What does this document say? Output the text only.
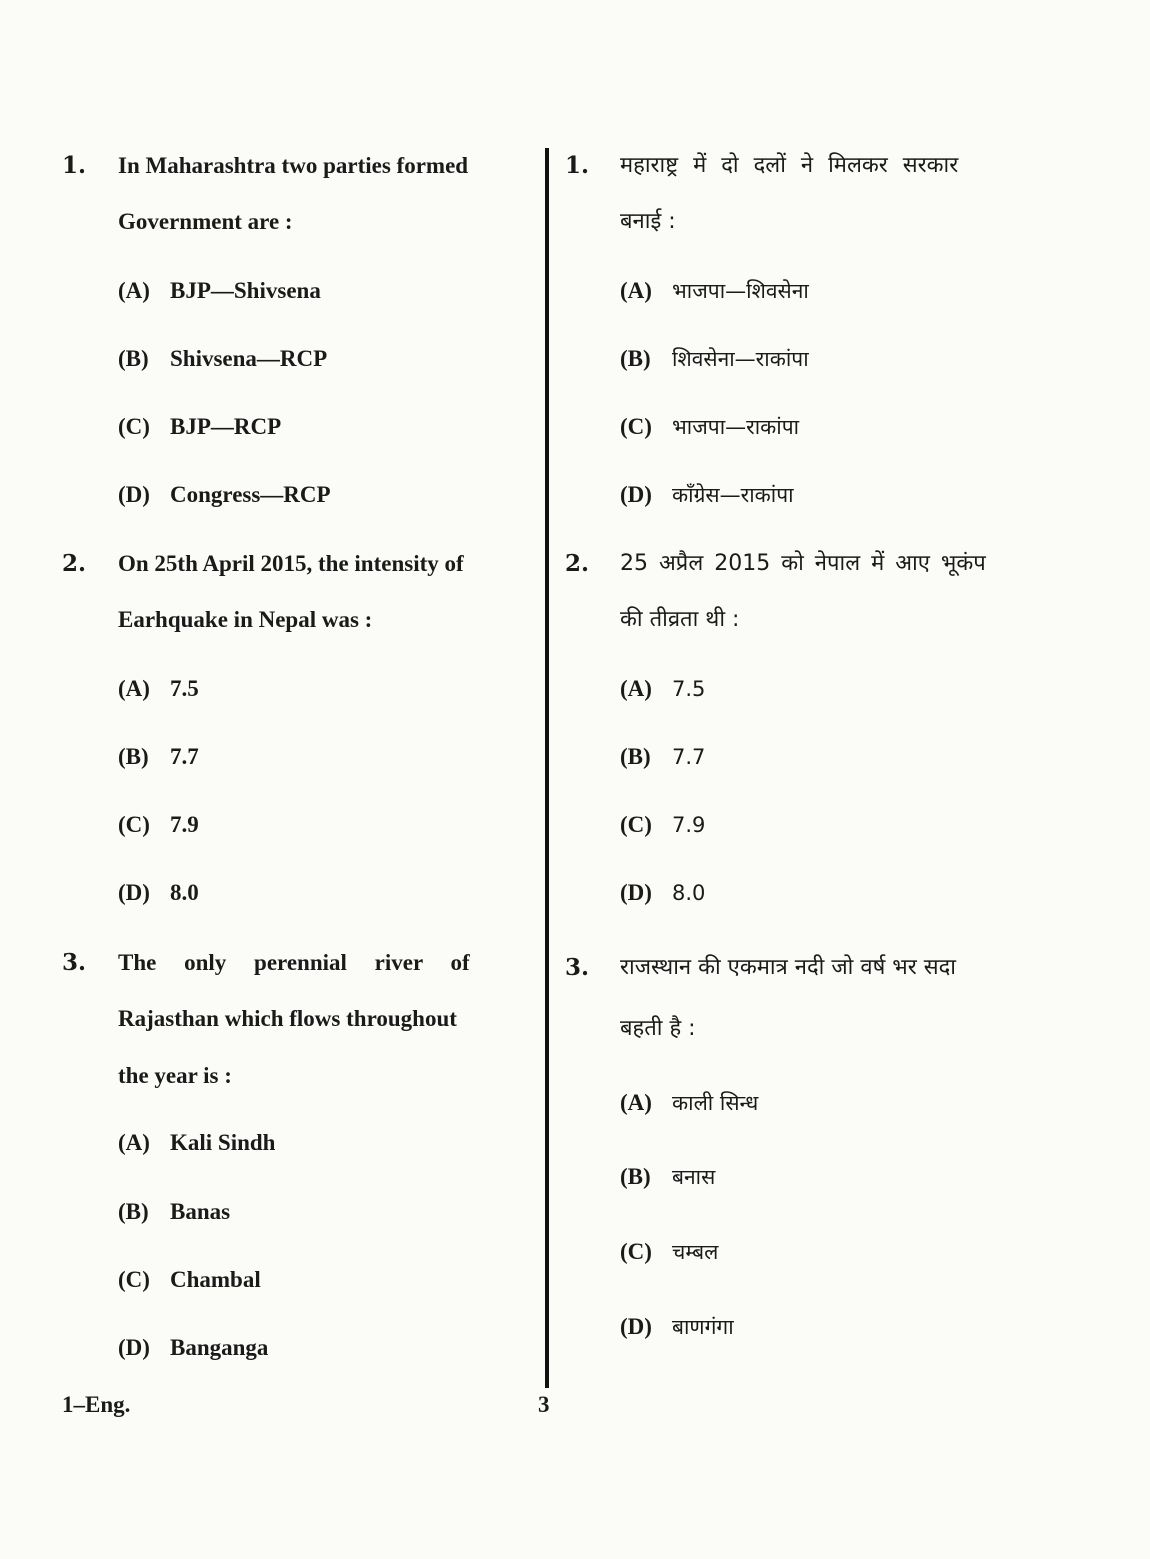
1. In Maharashtra two parties formed
Government are :
(A) BJP—Shivsena
(B) Shivsena—RCP
(C) BJP—RCP
(D) Congress—RCP
2. On 25th April 2015, the intensity of
Earhquake in Nepal was :
(A) 7.5
(B) 7.7
(C) 7.9
(D) 8.0
3. The only perennial river of
Rajasthan which flows throughout
the year is :
(A) Kali Sindh
(B) Banas
(C) Chambal
(D) Banganga
1. महाराष्ट्र में दो दलों ने मिलकर सरकार
बनाई :
(A) भाजपा—शिवसेना
(B) शिवसेना—राकांपा
(C) भाजपा—राकांपा
(D) कॉंग्रेस—राकांपा
2. 25 अप्रैल 2015 को नेपाल में आए भूकंप
की तीव्रता थी :
(A) 7.5
(B) 7.7
(C) 7.9
(D) 8.0
3. राजस्थान की एकमात्र नदी जो वर्ष भर सदा
बहती है :
(A) काली सिन्ध
(B) बनास
(C) चम्बल
(D) बाणगंगा
1–Eng.	3
